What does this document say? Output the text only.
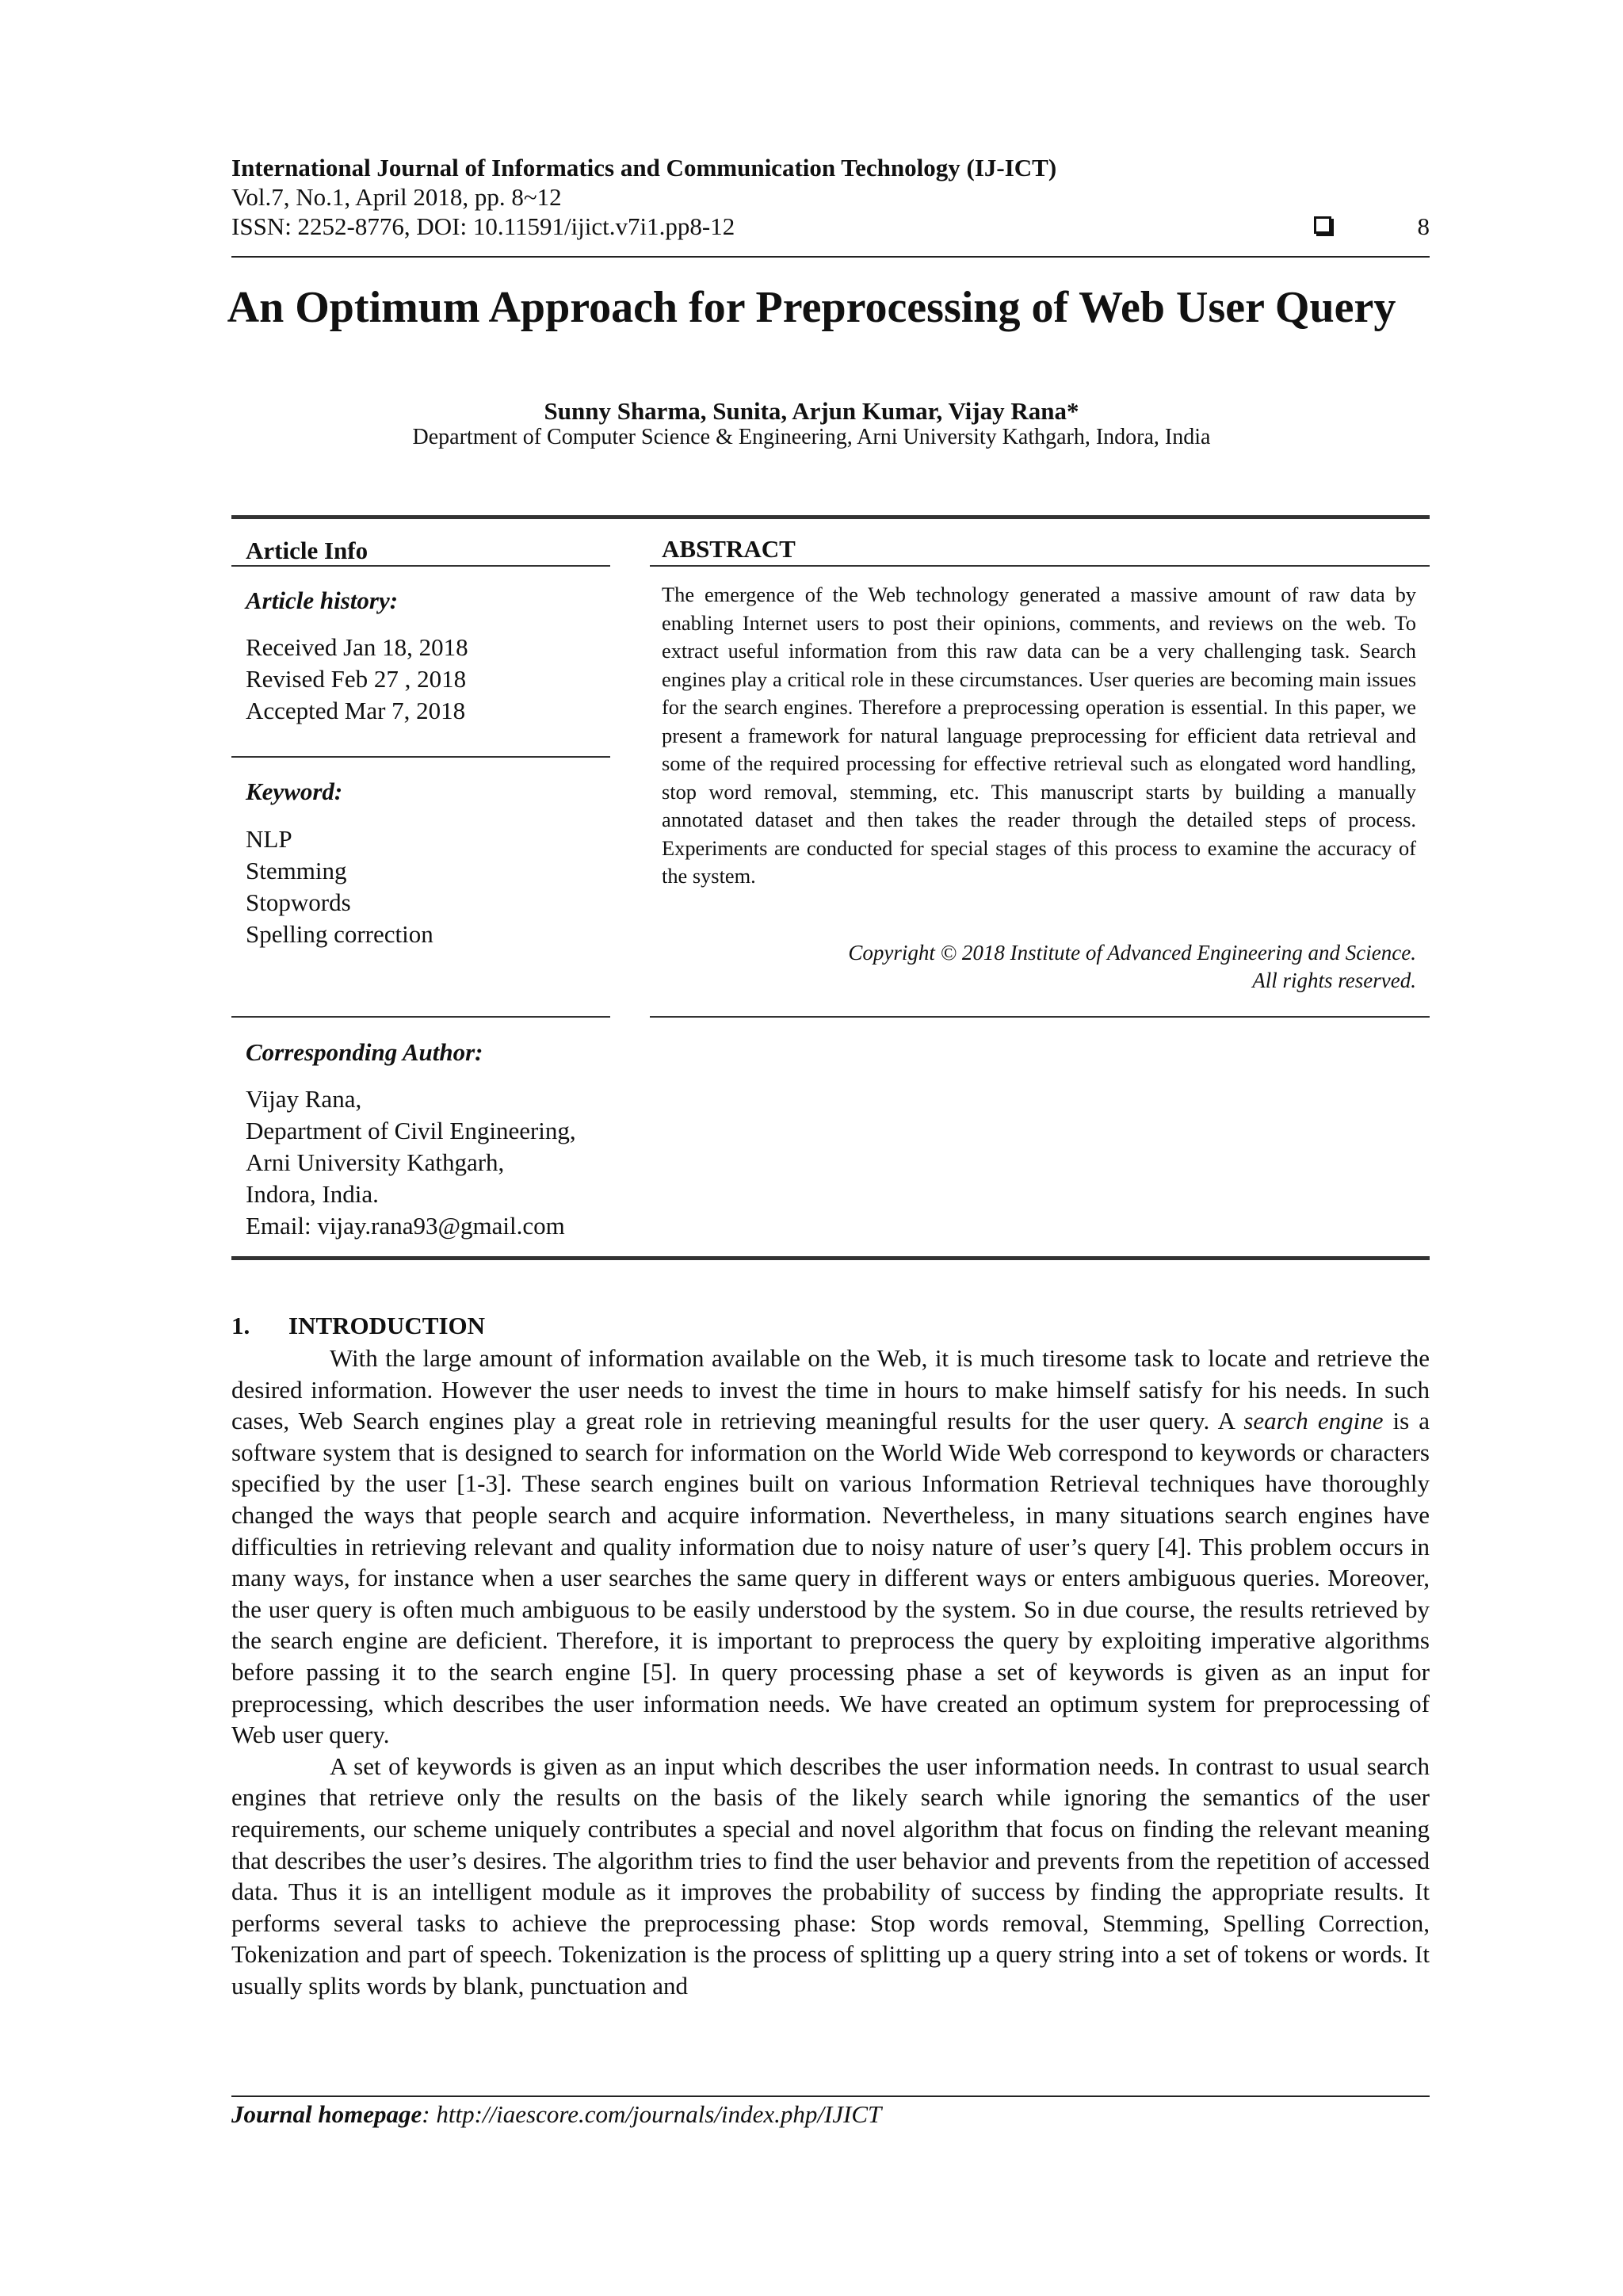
International Journal of Informatics and Communication Technology (IJ-ICT)
Vol.7, No.1, April 2018, pp. 8~12
ISSN: 2252-8776, DOI: 10.11591/ijict.v7i1.pp8-12	8
An Optimum Approach for Preprocessing of Web User Query
Sunny Sharma, Sunita, Arjun Kumar, Vijay Rana*
Department of Computer Science & Engineering, Arni University Kathgarh, Indora, India
Article Info
Article history:
Received Jan 18, 2018
Revised Feb 27 , 2018
Accepted Mar 7, 2018
Keyword:
NLP
Stemming
Stopwords
Spelling correction
Corresponding Author:
Vijay Rana,
Department of Civil Engineering,
Arni University Kathgarh,
Indora, India.
Email: vijay.rana93@gmail.com
ABSTRACT
The emergence of the Web technology generated a massive amount of raw data by enabling Internet users to post their opinions, comments, and reviews on the web. To extract useful information from this raw data can be a very challenging task. Search engines play a critical role in these circumstances. User queries are becoming main issues for the search engines. Therefore a preprocessing operation is essential. In this paper, we present a framework for natural language preprocessing for efficient data retrieval and some of the required processing for effective retrieval such as elongated word handling, stop word removal, stemming, etc. This manuscript starts by building a manually annotated dataset and then takes the reader through the detailed steps of process. Experiments are conducted for special stages of this process to examine the accuracy of the system.
Copyright © 2018 Institute of Advanced Engineering and Science.
All rights reserved.
1. INTRODUCTION

With the large amount of information available on the Web, it is much tiresome task to locate and retrieve the desired information. However the user needs to invest the time in hours to make himself satisfy for his needs. In such cases, Web Search engines play a great role in retrieving meaningful results for the user query. A search engine is a software system that is designed to search for information on the World Wide Web correspond to keywords or characters specified by the user [1-3]. These search engines built on various Information Retrieval techniques have thoroughly changed the ways that people search and acquire information. Nevertheless, in many situations search engines have difficulties in retrieving relevant and quality information due to noisy nature of user’s query [4]. This problem occurs in many ways, for instance when a user searches the same query in different ways or enters ambiguous queries. Moreover, the user query is often much ambiguous to be easily understood by the system. So in due course, the results retrieved by the search engine are deficient. Therefore, it is important to preprocess the query by exploiting imperative algorithms before passing it to the search engine [5]. In query processing phase a set of keywords is given as an input for preprocessing, which describes the user information needs. We have created an optimum system for preprocessing of Web user query.

A set of keywords is given as an input which describes the user information needs. In contrast to usual search engines that retrieve only the results on the basis of the likely search while ignoring the semantics of the user requirements, our scheme uniquely contributes a special and novel algorithm that focus on finding the relevant meaning that describes the user’s desires. The algorithm tries to find the user behavior and prevents from the repetition of accessed data. Thus it is an intelligent module as it improves the probability of success by finding the appropriate results. It performs several tasks to achieve the preprocessing phase: Stop words removal, Stemming, Spelling Correction, Tokenization and part of speech. Tokenization is the process of splitting up a query string into a set of tokens or words. It usually splits words by blank, punctuation and

Journal homepage: http://iaescore.com/journals/index.php/IJICT
